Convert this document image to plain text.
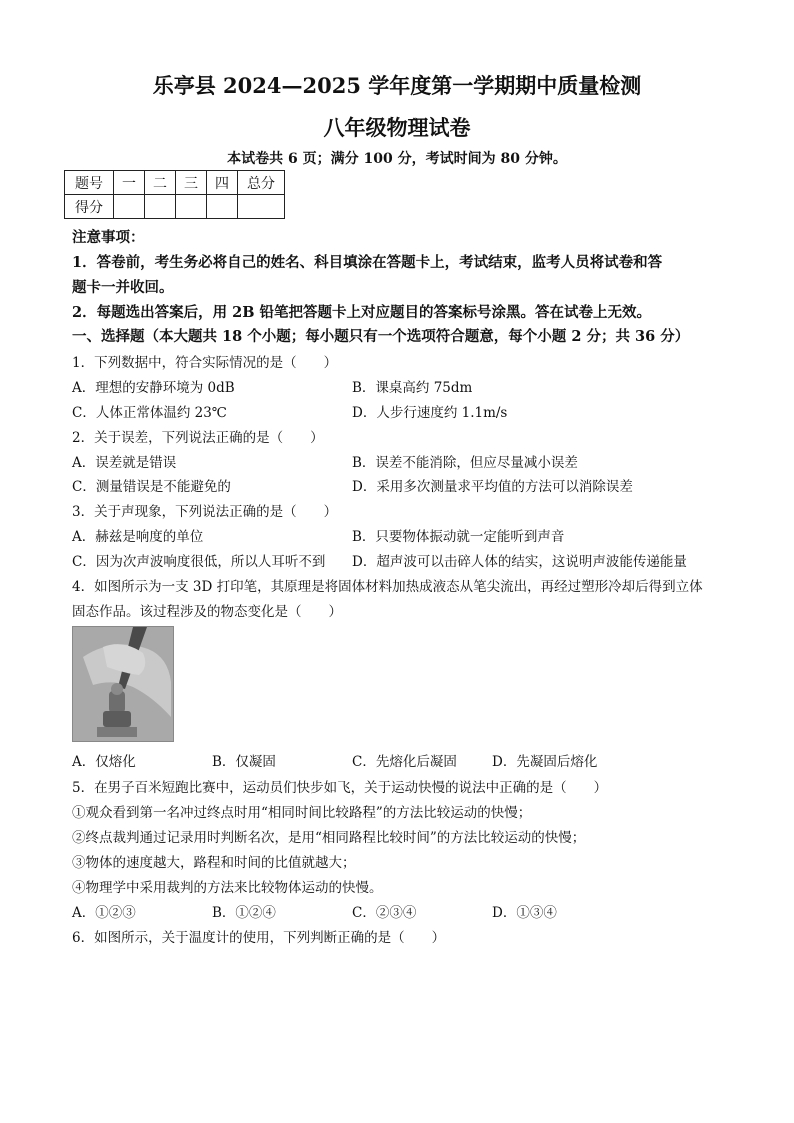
乐亭县 2024—2025 学年度第一学期期中质量检测
八年级物理试卷
本试卷共 6 页；满分 100 分，考试时间为 80 分钟。
题号	一	二	三	四	总分
得分					
注意事项：
1．答卷前，考生务必将自己的姓名、科目填涂在答题卡上，考试结束，监考人员将试卷和答
题卡一并收回。
2．每题选出答案后，用 2B 铅笔把答题卡上对应题目的答案标号涂黑。答在试卷上无效。
一、选择题（本大题共 18 个小题；每小题只有一个选项符合题意，每个小题 2 分；共 36 分）
1．下列数据中，符合实际情况的是（　　）
A．理想的安静环境为 0dB	B．课桌高约 75dm
C．人体正常体温约 23℃	D．人步行速度约 1.1m/s
2．关于误差，下列说法正确的是（　　）
A．误差就是错误	B．误差不能消除，但应尽量减小误差
C．测量错误是不能避免的	D．采用多次测量求平均值的方法可以消除误差
3．关于声现象，下列说法正确的是（　　）
A．赫兹是响度的单位	B．只要物体振动就一定能听到声音
C．因为次声波响度很低，所以人耳听不到 D．超声波可以击碎人体的结实，这说明声波能传递能量
4．如图所示为一支 3D 打印笔，其原理是将固体材料加热成液态从笔尖流出，再经过塑形冷却后得到立体
固态作品。该过程涉及的物态变化是（　　）
A．仅熔化	B．仅凝固	C．先熔化后凝固	D．先凝固后熔化
5．在男子百米短跑比赛中，运动员们快步如飞，关于运动快慢的说法中正确的是（　　）
①观众看到第一名冲过终点时用“相同时间比较路程”的方法比较运动的快慢；
②终点裁判通过记录用时判断名次，是用“相同路程比较时间”的方法比较运动的快慢；
③物体的速度越大，路程和时间的比值就越大；
④物理学中采用裁判的方法来比较物体运动的快慢。
A．①②③	B．①②④	C．②③④	D．①③④
6．如图所示，关于温度计的使用，下列判断正确的是（　　）
